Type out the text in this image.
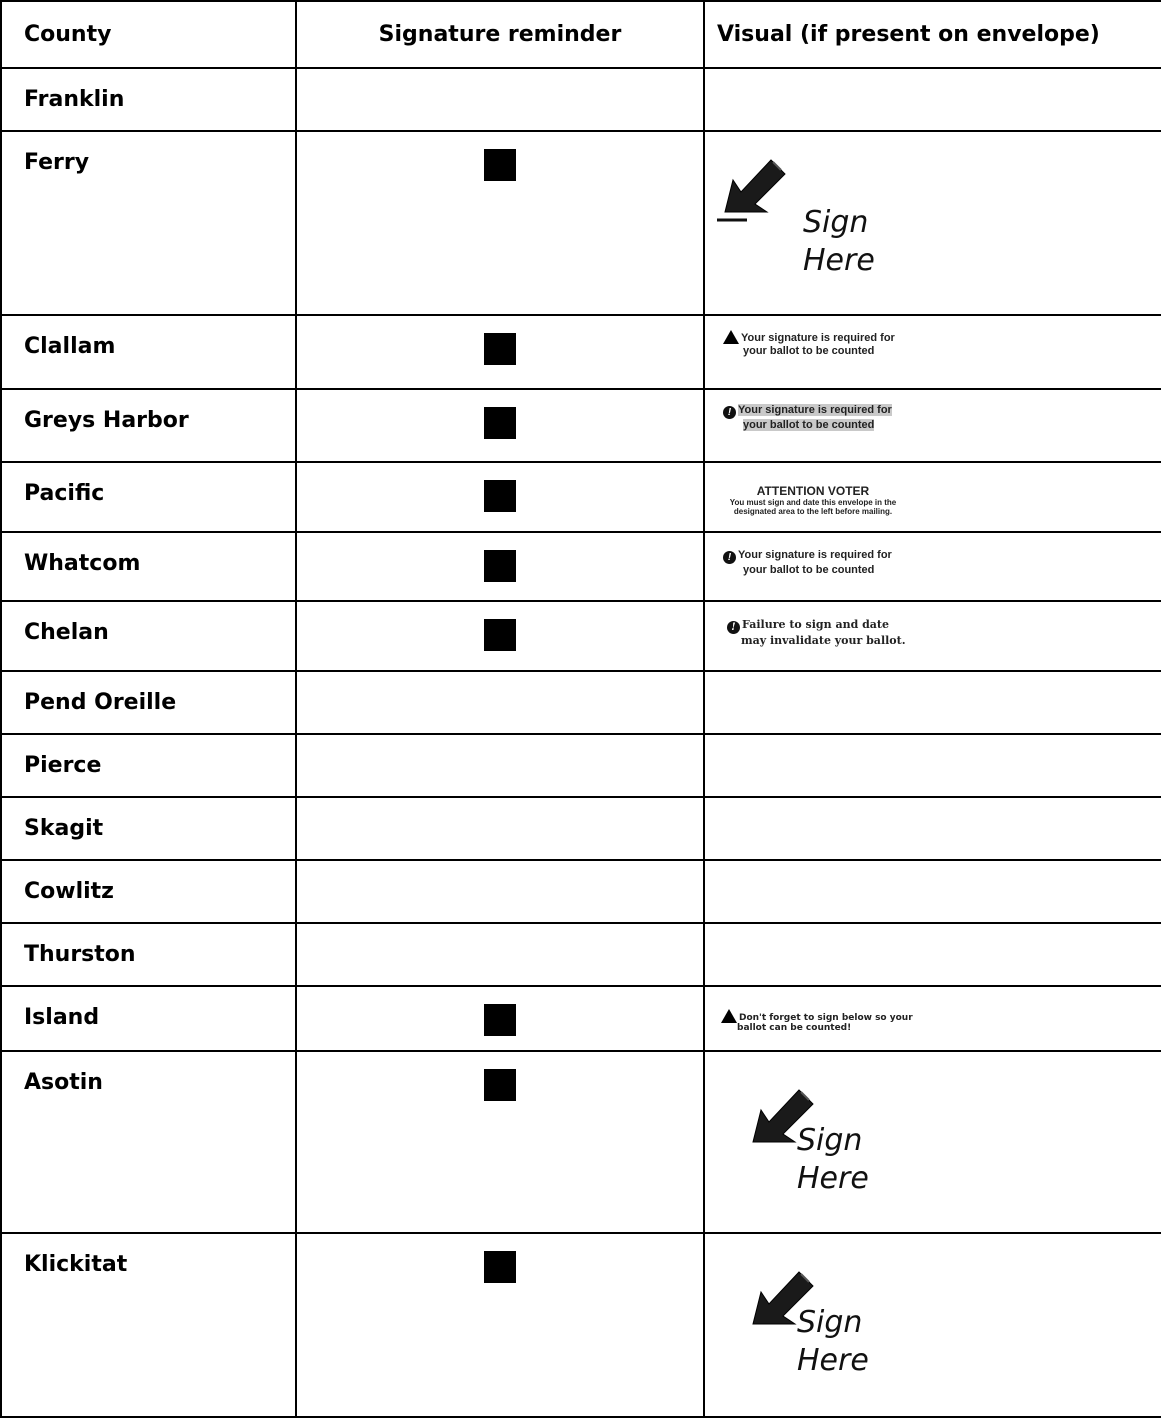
County	Signature reminder	Visual (if present on envelope)

Franklin		

Ferry		Sign
Here

Clallam		Your signature is required for
your ballot to be counted

Greys Harbor		! Your signature is required for
your ballot to be counted

Pacific		ATTENTION VOTER
You must sign and date this envelope in the
designated area to the left before mailing.

Whatcom		! Your signature is required for
your ballot to be counted

Chelan		! Failure to sign and date
may invalidate your ballot.

Pend Oreille		

Pierce		

Skagit		

Cowlitz		

Thurston		

Island		Don't forget to sign below so your
ballot can be counted!

Asotin		Sign
Here

Klickitat		Sign
Here
